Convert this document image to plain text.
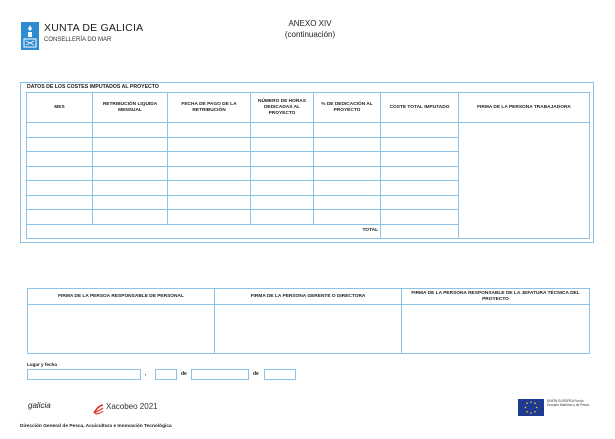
XUNTA DE GALICIA
CONSELLERÍA DO MAR
ANEXO XIV
(continuación)
DATOS DE LOS COSTES IMPUTADOS AL PROYECTO
MES	RETRIBUCIÓN LIQUIDA MENSUAL	FECHA DE PAGO DE LA RETRIBUCIÓN	NÚMERO DE HORAS DEDICADAS AL PROYECTO	% DE DEDICACIÓN AL PROYECTO	COSTE TOTAL IMPUTADO	FIRMA DE LA PERSONA TRABAJADORA

TOTAL						
FIRMA DE LA PERSOA RESPONSABLE DE PERSONAL	FIRMA DE LA PERSONA GERENTE O DIRECTORA	FIRMA DE LA PERSONA RESPONSABLE DE LA JEFATURA TÉCNICA DEL PROYECTO

Lugar y fecha
,	de	de
galicia	Xacobeo 2021
UNIÓN EUROPEA Fondo Europeo Marítimo y de Pesca
Dirección General de Pesca, Acuicultura e Innovación Tecnológica
